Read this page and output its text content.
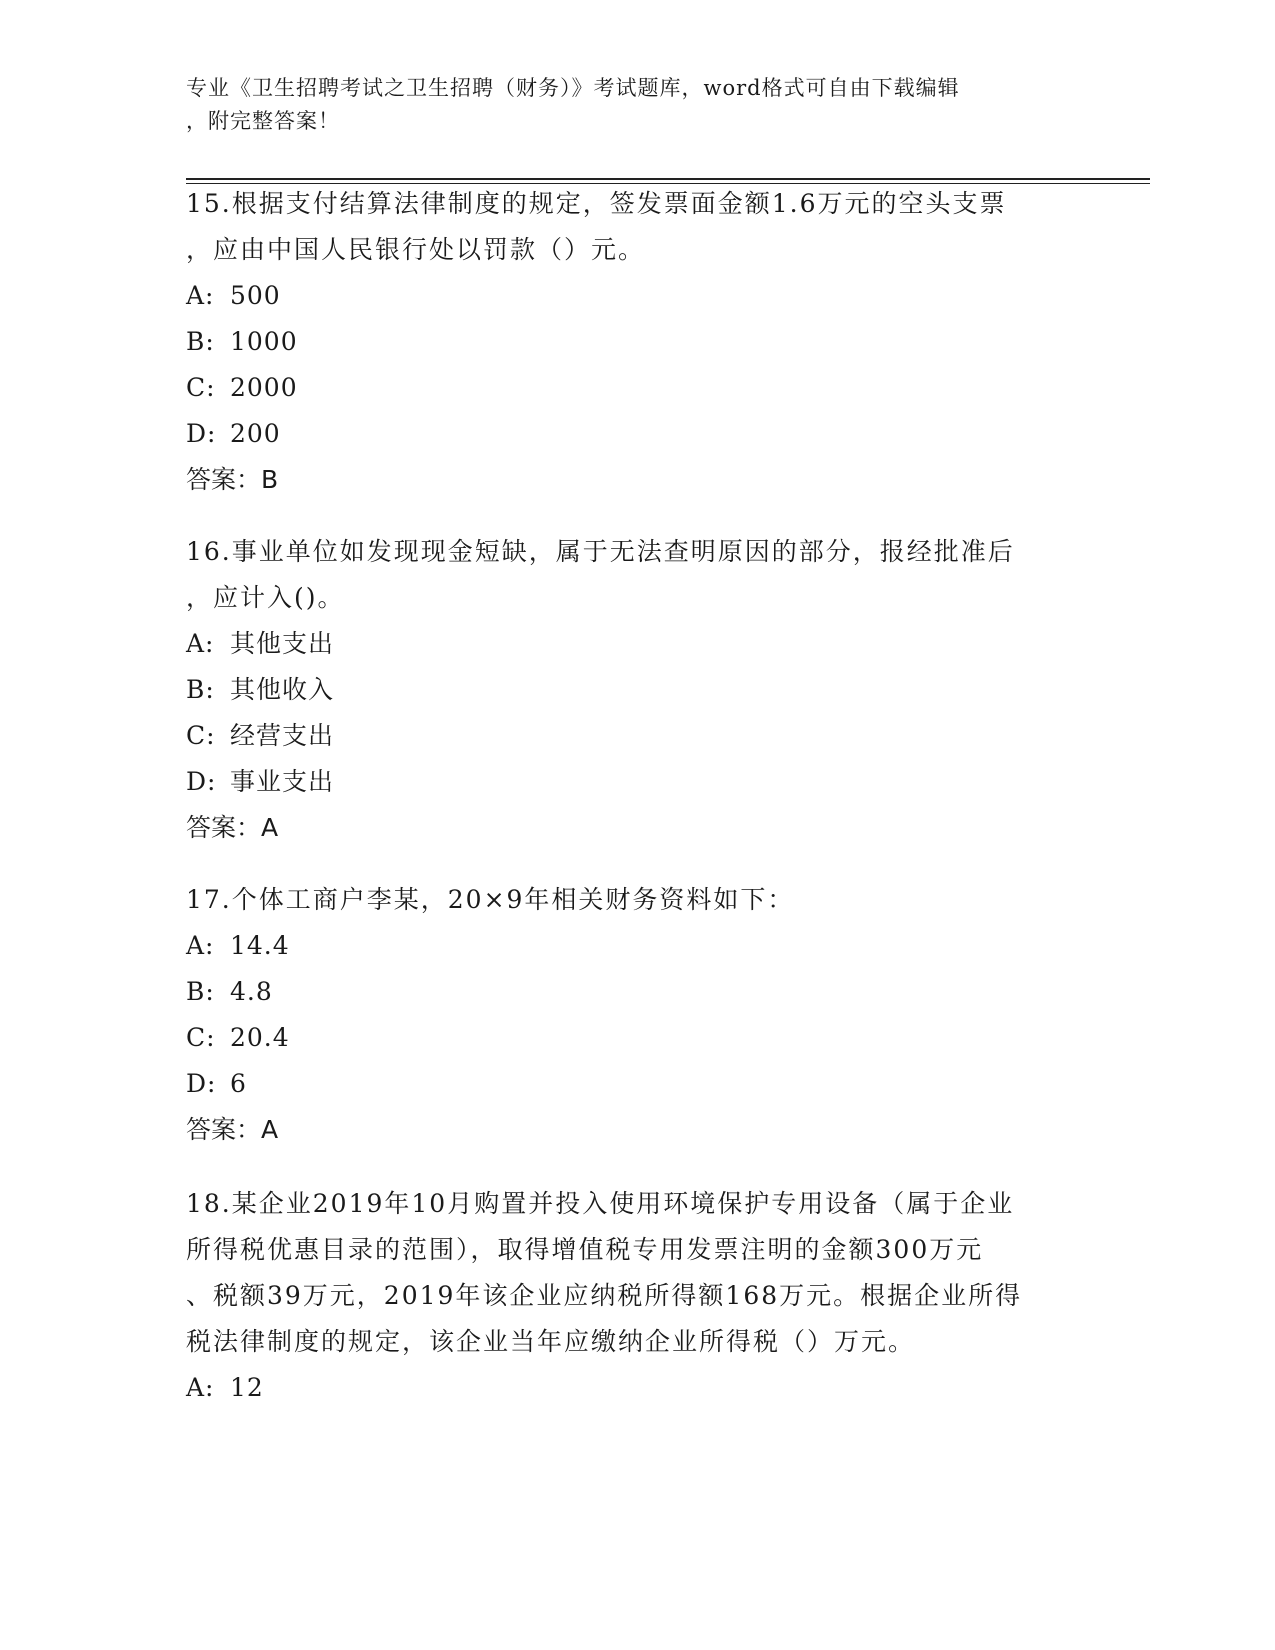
专业《卫生招聘考试之卫生招聘（财务）》考试题库，word格式可自由下载编辑
，附完整答案！
15.根据支付结算法律制度的规定，签发票面金额1.6万元的空头支票
，应由中国人民银行处以罚款（）元。
A: 500
B: 1000
C: 2000
D: 200
答案：B
16.事业单位如发现现金短缺，属于无法查明原因的部分，报经批准后
，应计入()。
A: 其他支出
B: 其他收入
C: 经营支出
D: 事业支出
答案：A
17.个体工商户李某，20×9年相关财务资料如下：
A: 14.4
B: 4.8
C: 20.4
D: 6
答案：A
18.某企业2019年10月购置并投入使用环境保护专用设备（属于企业
所得税优惠目录的范围），取得增值税专用发票注明的金额300万元
、税额39万元，2019年该企业应纳税所得额168万元。根据企业所得
税法律制度的规定，该企业当年应缴纳企业所得税（）万元。
A: 12
